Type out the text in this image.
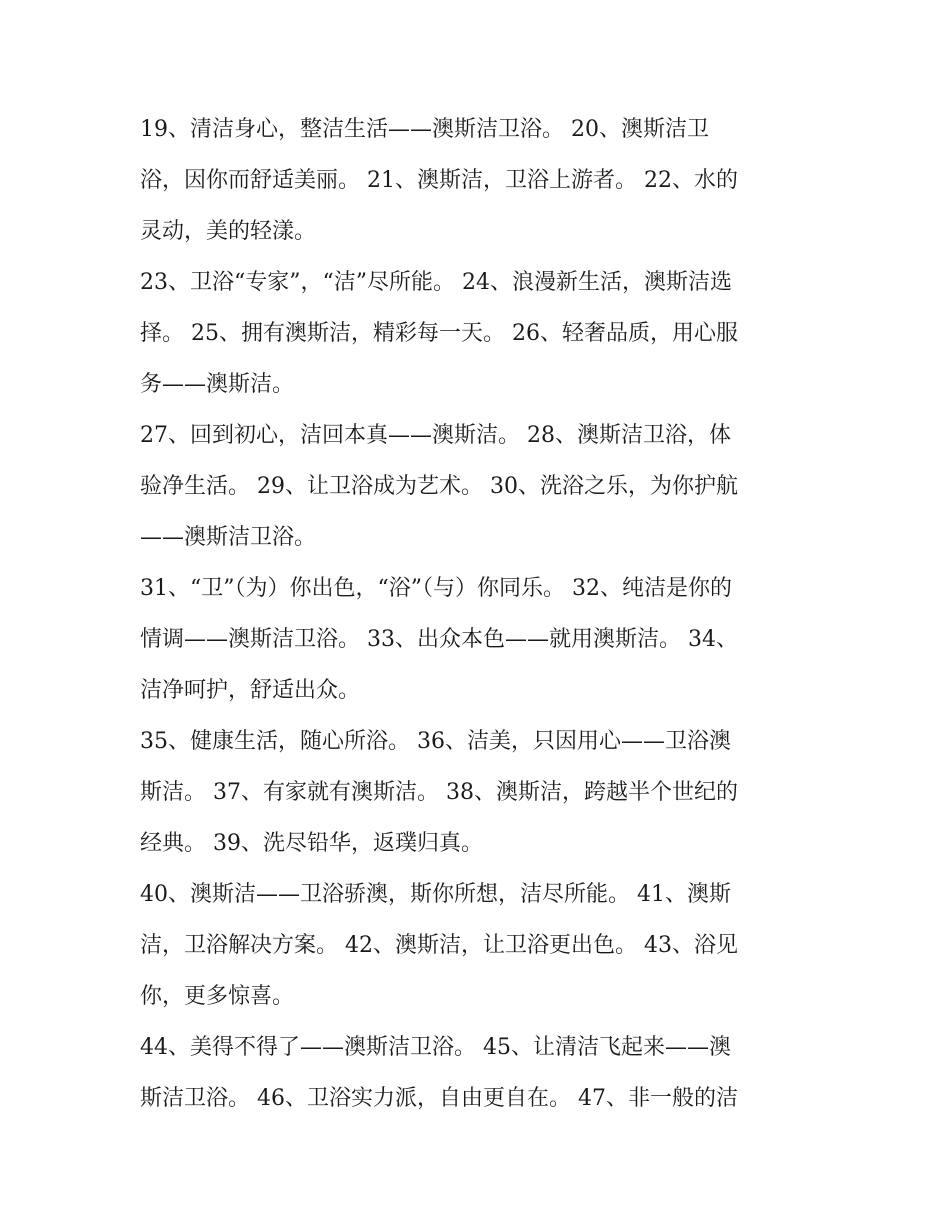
19、清洁身心，整洁生活——澳斯洁卫浴。 20、澳斯洁卫
浴，因你而舒适美丽。 21、澳斯洁，卫浴上游者。 22、水的
灵动，美的轻漾。
23、卫浴“专家”，“洁”尽所能。 24、浪漫新生活，澳斯洁选
择。 25、拥有澳斯洁，精彩每一天。 26、轻奢品质，用心服
务——澳斯洁。
27、回到初心，洁回本真——澳斯洁。 28、澳斯洁卫浴，体
验净生活。 29、让卫浴成为艺术。 30、洗浴之乐，为你护航
——澳斯洁卫浴。
31、“卫”（为）你出色，“浴”（与）你同乐。 32、纯洁是你的
情调——澳斯洁卫浴。 33、出众本色——就用澳斯洁。 34、
洁净呵护，舒适出众。
35、健康生活，随心所浴。 36、洁美，只因用心——卫浴澳
斯洁。 37、有家就有澳斯洁。 38、澳斯洁，跨越半个世纪的
经典。 39、洗尽铅华，返璞归真。
40、澳斯洁——卫浴骄澳，斯你所想，洁尽所能。 41、澳斯
洁，卫浴解决方案。 42、澳斯洁，让卫浴更出色。 43、浴见
你，更多惊喜。
44、美得不得了——澳斯洁卫浴。 45、让清洁飞起来——澳
斯洁卫浴。 46、卫浴实力派，自由更自在。 47、非一般的洁
